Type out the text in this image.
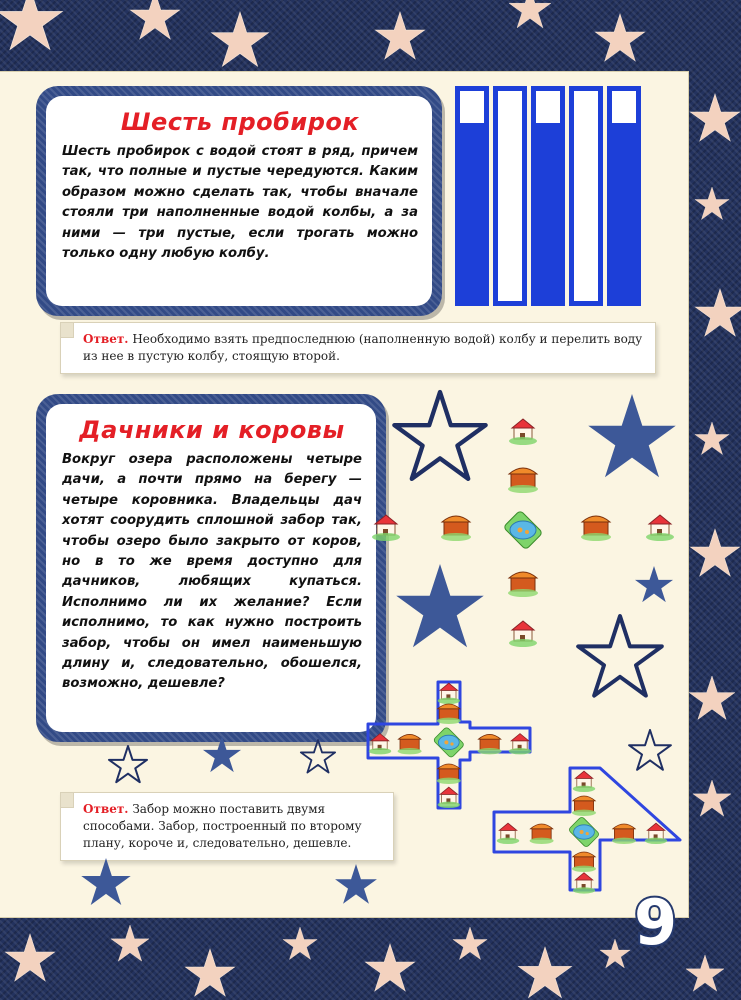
Шесть пробирок

Шесть пробирок с водой стоят в ряд, причем так, что полные и пустые чередуются. Каким образом можно сделать так, чтобы вначале стояли три наполненные водой колбы, а за ними — три пустые, если трогать можно только одну любую колбу.

Ответ. Необходимо взять предпоследнюю (наполненную водой) колбу и перелить воду из нее в пустую колбу, стоящую второй.
Дачники и коровы

Вокруг озера расположены четыре дачи, а почти прямо на берегу — четыре коровника. Владельцы дач хотят соорудить сплошной забор так, чтобы озеро было закрыто от коров, но в то же время доступно для дачников, любящих купаться. Исполнимо ли их желание? Если исполнимо, то как нужно построить забор, чтобы он имел наименьшую длину и, следовательно, обошелся, возможно, дешевле?

Ответ. Забор можно поставить двумя способами. Забор, построенный по второму плану, короче и, следовательно, дешевле.
9
